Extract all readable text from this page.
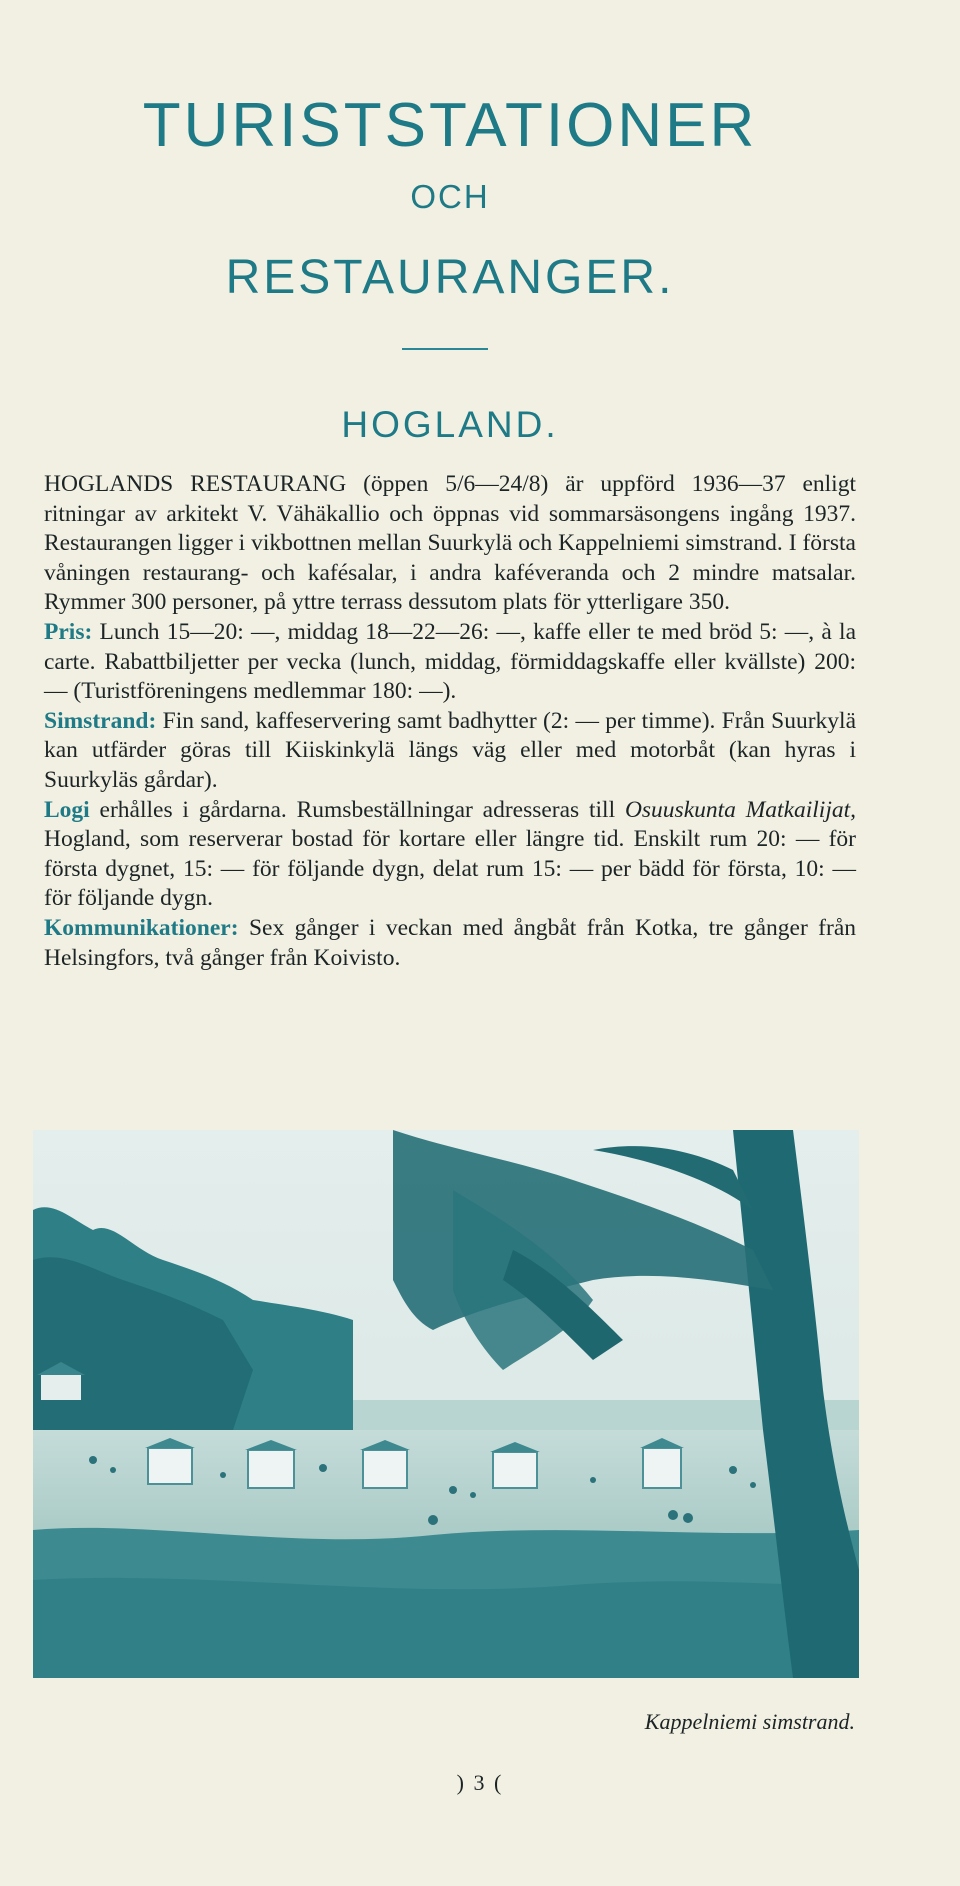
TURISTSTATIONER
OCH
RESTAURANGER.
HOGLAND.

HOGLANDS RESTAURANG (öppen 5/6—24/8) är uppförd 1936—37 enligt ritningar av arkitekt V. Vähäkallio och öppnas vid sommarsäsongens ingång 1937. Restaurangen ligger i vikbottnen mellan Suurkylä och Kappelniemi simstrand. I första våningen restaurang- och kafésalar, i andra kaféveranda och 2 mindre matsalar. Rymmer 300 personer, på yttre terrass dessutom plats för ytterligare 350.

Pris: Lunch 15—20: —, middag 18—22—26: —, kaffe eller te med bröd 5: —, à la carte. Rabattbiljetter per vecka (lunch, middag, förmiddagskaffe eller kvällste) 200: — (Turistföreningens medlemmar 180: —).

Simstrand: Fin sand, kaffeservering samt badhytter (2: — per timme). Från Suurkylä kan utfärder göras till Kiiskinkylä längs väg eller med motorbåt (kan hyras i Suurkyläs gårdar).

Logi erhålles i gårdarna. Rumsbeställningar adresseras till Osuuskunta Matkailijat, Hogland, som reserverar bostad för kortare eller längre tid. Enskilt rum 20: — för första dygnet, 15: — för följande dygn, delat rum 15: — per bädd för första, 10: — för följande dygn.

Kommunikationer: Sex gånger i veckan med ångbåt från Kotka, tre gånger från Helsingfors, två gånger från Koivisto.

Kappelniemi simstrand.
) 3 (
